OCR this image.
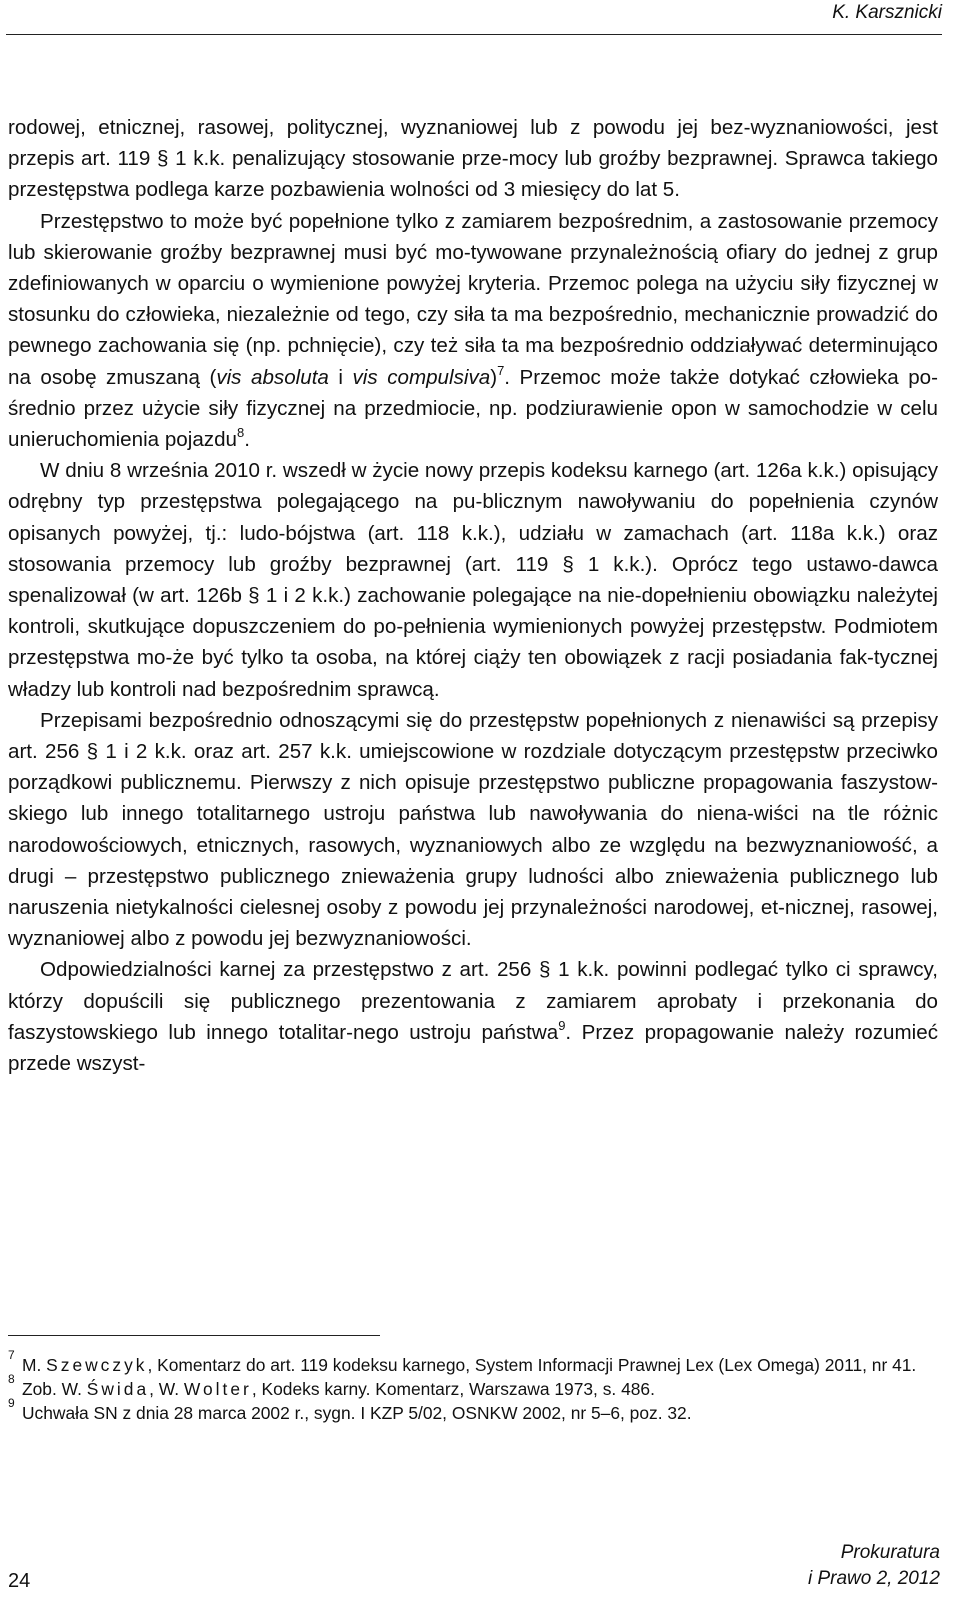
K. Karsznicki

rodowej, etnicznej, rasowej, politycznej, wyznaniowej lub z powodu jej bez-wyznaniowości, jest przepis art. 119 § 1 k.k. penalizujący stosowanie prze-mocy lub groźby bezprawnej. Sprawca takiego przestępstwa podlega karze pozbawienia wolności od 3 miesięcy do lat 5.

Przestępstwo to może być popełnione tylko z zamiarem bezpośrednim, a zastosowanie przemocy lub skierowanie groźby bezprawnej musi być mo-tywowane przynależnością ofiary do jednej z grup zdefiniowanych w oparciu o wymienione powyżej kryteria. Przemoc polega na użyciu siły fizycznej w stosunku do człowieka, niezależnie od tego, czy siła ta ma bezpośrednio, mechanicznie prowadzić do pewnego zachowania się (np. pchnięcie), czy też siła ta ma bezpośrednio oddziaływać determinująco na osobę zmuszaną (vis absoluta i vis compulsiva)$^7$. Przemoc może także dotykać człowieka po-średnio przez użycie siły fizycznej na przedmiocie, np. podziurawienie opon w samochodzie w celu unieruchomienia pojazdu$^8$.

W dniu 8 września 2010 r. wszedł w życie nowy przepis kodeksu karnego (art. 126a k.k.) opisujący odrębny typ przestępstwa polegającego na pu-blicznym nawoływaniu do popełnienia czynów opisanych powyżej, tj.: ludo-bójstwa (art. 118 k.k.), udziału w zamachach (art. 118a k.k.) oraz stosowania przemocy lub groźby bezprawnej (art. 119 § 1 k.k.). Oprócz tego ustawo-dawca spenalizował (w art. 126b § 1 i 2 k.k.) zachowanie polegające na nie-dopełnieniu obowiązku należytej kontroli, skutkujące dopuszczeniem do po-pełnienia wymienionych powyżej przestępstw. Podmiotem przestępstwa mo-że być tylko ta osoba, na której ciąży ten obowiązek z racji posiadania fak-tycznej władzy lub kontroli nad bezpośrednim sprawcą.

Przepisami bezpośrednio odnoszącymi się do przestępstw popełnionych z nienawiści są przepisy art. 256 § 1 i 2 k.k. oraz art. 257 k.k. umiejscowione w rozdziale dotyczącym przestępstw przeciwko porządkowi publicznemu. Pierwszy z nich opisuje przestępstwo publiczne propagowania faszystow-skiego lub innego totalitarnego ustroju państwa lub nawoływania do niena-wiści na tle różnic narodowościowych, etnicznych, rasowych, wyznaniowych albo ze względu na bezwyznaniowość, a drugi – przestępstwo publicznego znieważenia grupy ludności albo znieważenia publicznego lub naruszenia nietykalności cielesnej osoby z powodu jej przynależności narodowej, et-nicznej, rasowej, wyznaniowej albo z powodu jej bezwyznaniowości.

Odpowiedzialności karnej za przestępstwo z art. 256 § 1 k.k. powinni podlegać tylko ci sprawcy, którzy dopuścili się publicznego prezentowania z zamiarem aprobaty i przekonania do faszystowskiego lub innego totalitar-nego ustroju państwa$^9$. Przez propagowanie należy rozumieć przede wszyst-

7 M. Szewczyk, Komentarz do art. 119 kodeksu karnego, System Informacji Prawnej Lex (Lex Omega) 2011, nr 41.

8 Zob. W. Świda, W. Wolter, Kodeks karny. Komentarz, Warszawa 1973, s. 486.

9 Uchwała SN z dnia 28 marca 2002 r., sygn. I KZP 5/02, OSNKW 2002, nr 5–6, poz. 32.

24
Prokuratura
i Prawo 2, 2012
